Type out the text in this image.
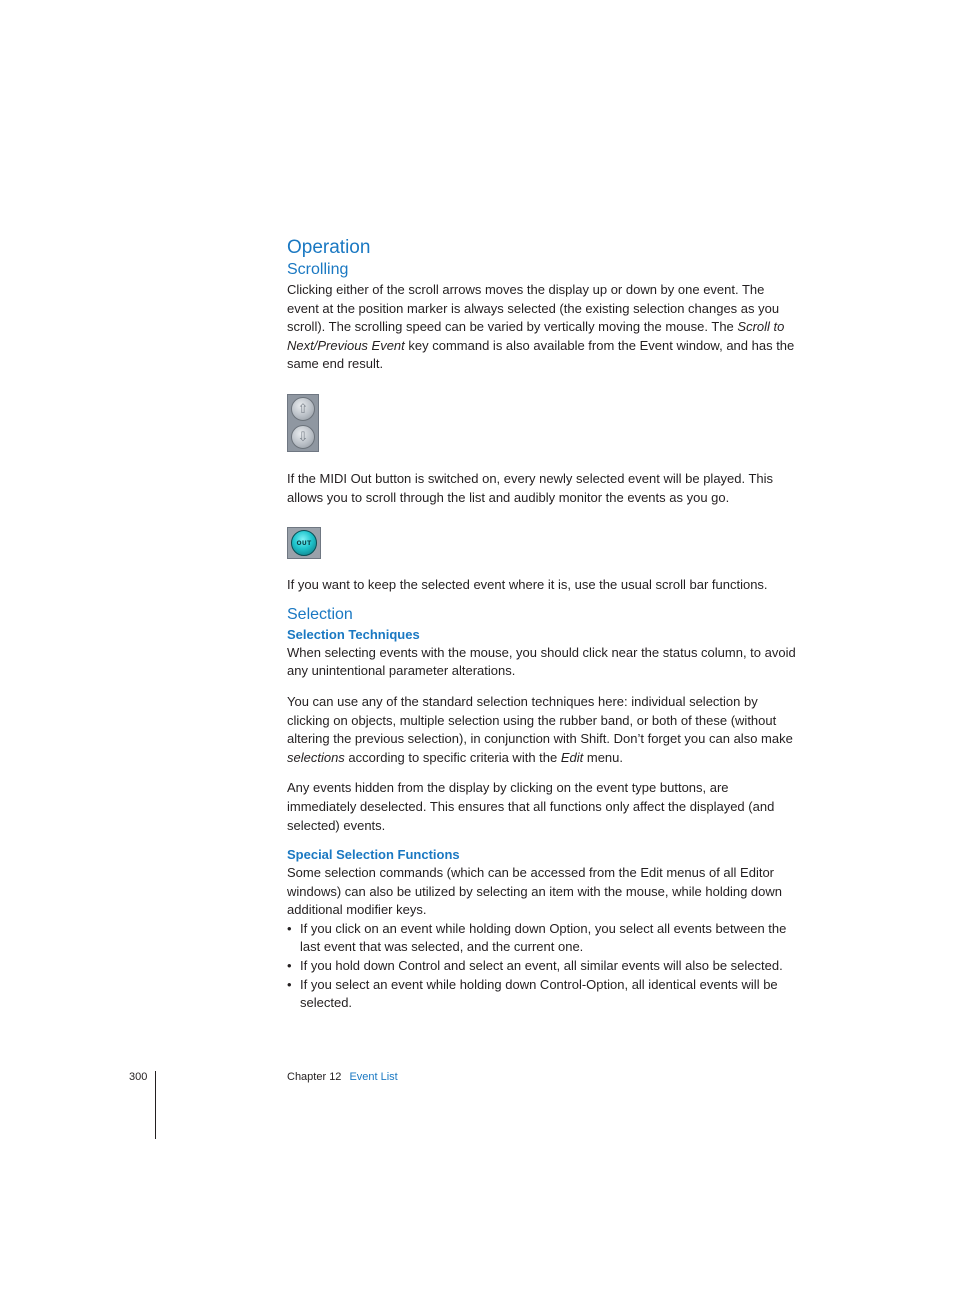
Operation
Scrolling

Clicking either of the scroll arrows moves the display up or down by one event. The event at the position marker is always selected (the existing selection changes as you scroll). The scrolling speed can be varied by vertically moving the mouse. The Scroll to Next/Previous Event key command is also available from the Event window, and has the same end result.

⇧
⇩

If the MIDI Out button is switched on, every newly selected event will be played. This allows you to scroll through the list and audibly monitor the events as you go.

OUT

If you want to keep the selected event where it is, use the usual scroll bar functions.

Selection
Selection Techniques

When selecting events with the mouse, you should click near the status column, to avoid any unintentional parameter alterations.

You can use any of the standard selection techniques here: individual selection by clicking on objects, multiple selection using the rubber band, or both of these (without altering the previous selection), in conjunction with Shift. Don’t forget you can also make selections according to specific criteria with the Edit menu.

Any events hidden from the display by clicking on the event type buttons, are immediately deselected. This ensures that all functions only affect the displayed (and selected) events.

Special Selection Functions

Some selection commands (which can be accessed from the Edit menus of all Editor windows) can also be utilized by selecting an item with the mouse, while holding down additional modifier keys.

• If you click on an event while holding down Option, you select all events between the last event that was selected, and the current one.
• If you hold down Control and select an event, all similar events will also be selected.
• If you select an event while holding down Control-Option, all identical events will be selected.
300	Chapter 12 Event List
